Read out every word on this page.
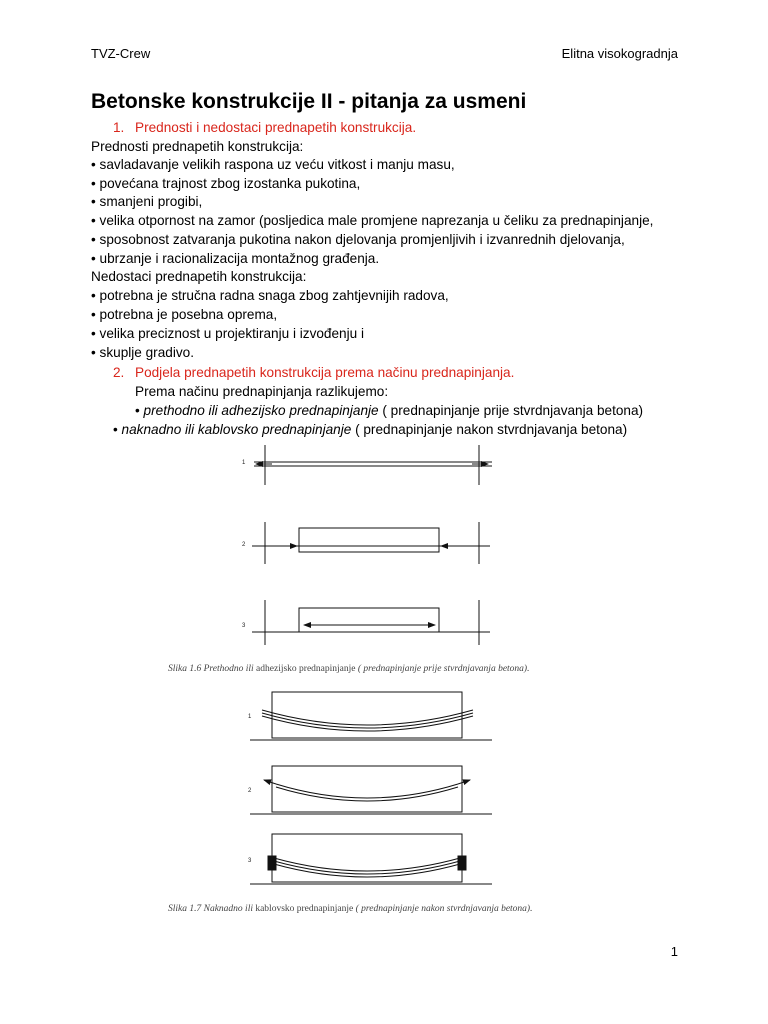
TVZ-Crew	Elitna visokogradnja
Betonske konstrukcije II - pitanja za usmeni
1. Prednosti i nedostaci prednapetih konstrukcija.
Prednosti prednapetih konstrukcija:
• savladavanje velikih raspona uz veću vitkost i manju masu,
• povećana trajnost zbog izostanka pukotina,
• smanjeni progibi,
• velika otpornost na zamor (posljedica male promjene naprezanja u čeliku za prednapinjanje,
• sposobnost zatvaranja pukotina nakon djelovanja promjenljivih i izvanrednih djelovanja,
• ubrzanje i racionalizacija montažnog građenja.
Nedostaci prednapetih konstrukcija:
• potrebna je stručna radna snaga zbog zahtjevnijih radova,
• potrebna je posebna oprema,
• velika preciznost u projektiranju i izvođenju i
• skuplje gradivo.
2. Podjela prednapetih konstrukcija prema načinu prednapinjanja.
Prema načinu prednapinjanja razlikujemo:
• prethodno ili adhezijsko prednapinjanje ( prednapinjanje prije stvrdnjavanja betona)
• naknadno ili kablovsko prednapinjanje ( prednapinjanje nakon stvrdnjavanja betona)
1
2
3
Slika 1.6 Prethodno ili adhezijsko prednapinjanje ( prednapinjanje prije stvrdnjavanja betona).
1
2
3
Slika 1.7 Naknadno ili kablovsko prednapinjanje ( prednapinjanje nakon stvrdnjavanja betona).
1
